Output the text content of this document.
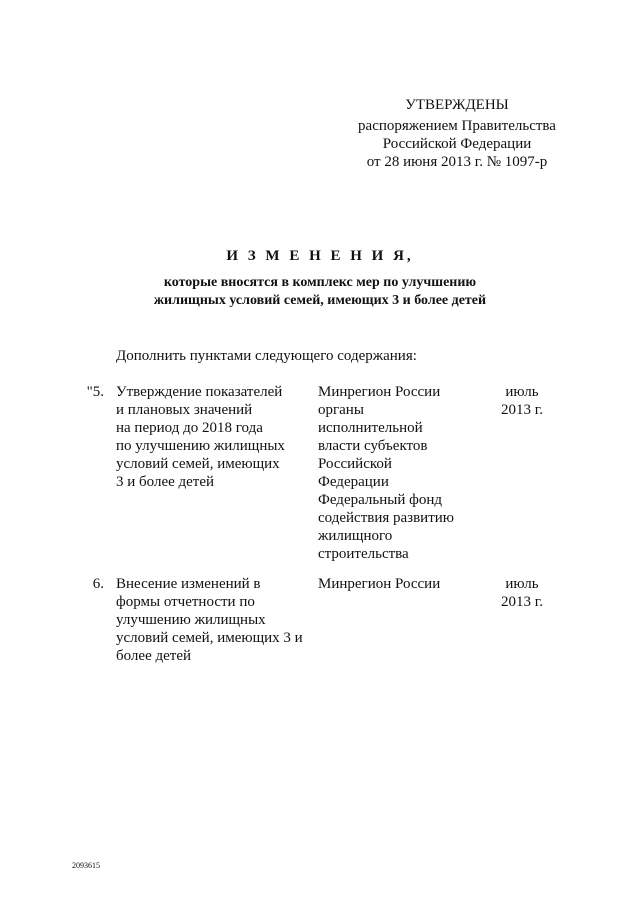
УТВЕРЖДЕНЫ
распоряжением Правительства
Российской Федерации
от 28 июня 2013 г. № 1097-р
И З М Е Н Е Н И Я,
которые вносятся в комплекс мер по улучшению
жилищных условий семей, имеющих 3 и более детей
Дополнить пунктами следующего содержания:
"5. Утверждение показателей
и плановых значений
на период до 2018 года
по улучшению жилищных
условий семей, имеющих
3 и более детей
Минрегион России
органы
исполнительной
власти субъектов
Российской
Федерации
Федеральный фонд
содействия развитию
жилищного
строительства
июль
2013 г.
6. Внесение изменений в
формы отчетности по
улучшению жилищных
условий семей, имеющих 3 и
более детей
Минрегион России	июль
2013 г.
2093615
